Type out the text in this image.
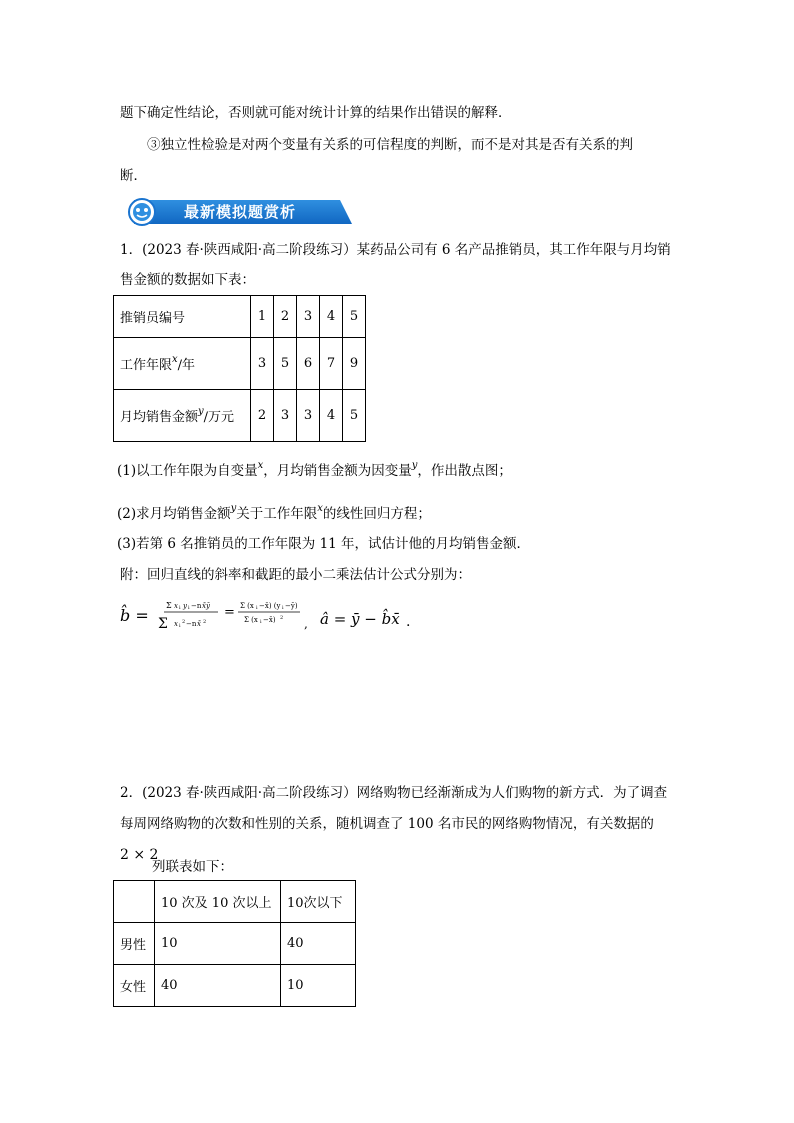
题下确定性结论，否则就可能对统计计算的结果作出错误的解释．
③独立性检验是对两个变量有关系的可信程度的判断，而不是对其是否有关系的判
断．
最新模拟题赏析
1．(2023 春·陕西咸阳·高二阶段练习）某药品公司有 6 名产品推销员，其工作年限与月均销
售金额的数据如下表：
推销员编号	1	2	3	4	5
工作年限$^x$/年	3	5	6	7	9
月均销售金额$^y$/万元	2	3	3	4	5
(1)以工作年限为自变量$^x$，月均销售金额为因变量$^y$，作出散点图；
(2)求月均销售金额$^y$关于工作年限$^x$的线性回归方程；
(3)若第 6 名推销员的工作年限为 11 年，试估计他的月均销售金额．
附：回归直线的斜率和截距的最小二乘法估计公式分别为：
b̂ =
Σ x i y i −n x̄ȳ
Σ x i
2 −n x̄ 2
= Σ (x i −x̄) (y i −ȳ)
Σ (x i −x̄) 2 , â = ȳ − b̂x̄ .
2．(2023 春·陕西咸阳·高二阶段练习）网络购物已经渐渐成为人们购物的新方式．为了调查
每周网络购物的次数和性别的关系，随机调查了 100 名市民的网络购物情况，有关数据的
2 × 2
列联表如下：
	10 次及 10 次以上	10次以下
男性	10	40
女性	40	10
